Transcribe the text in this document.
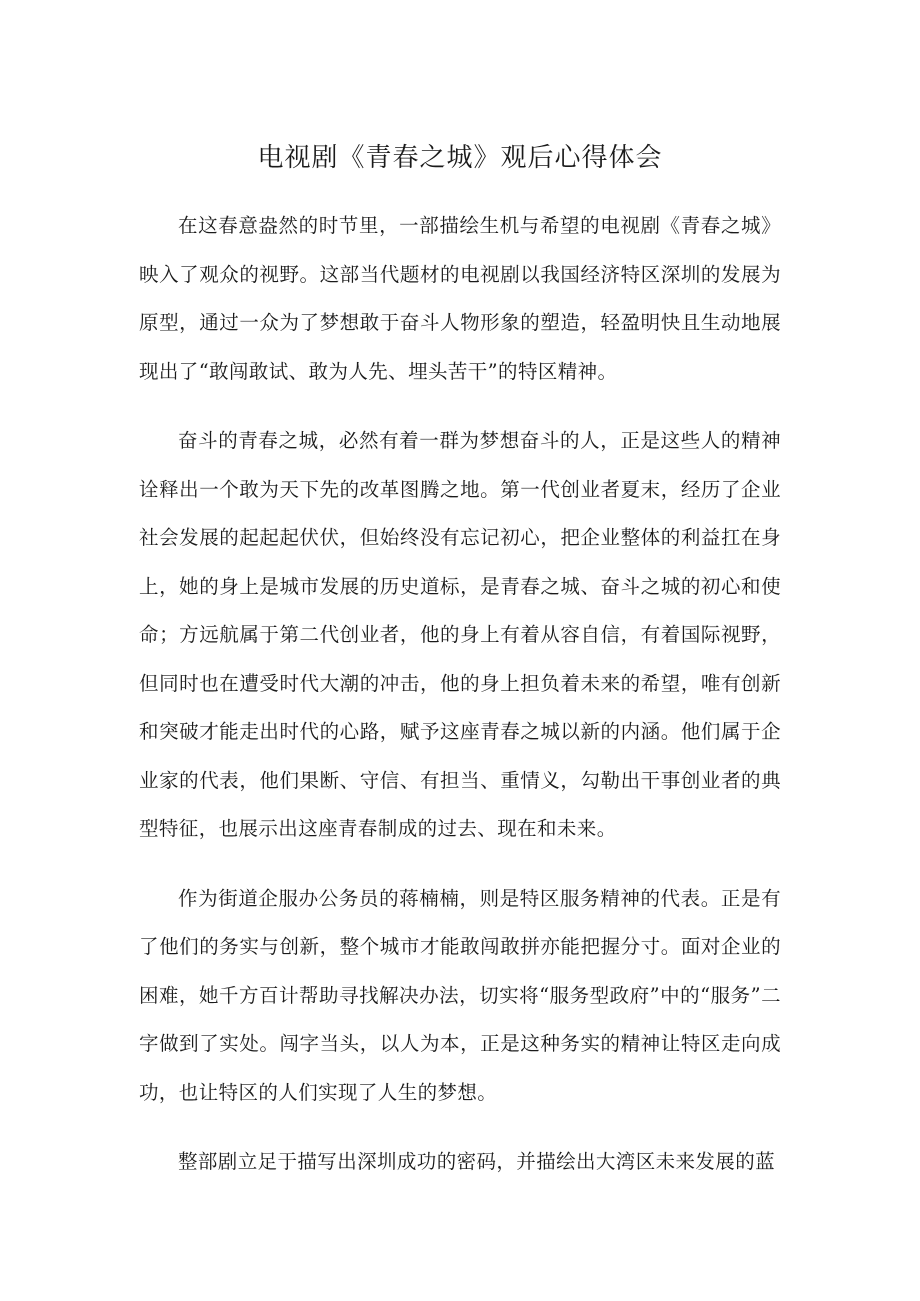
电视剧《青春之城》观后心得体会

在这春意盎然的时节里，一部描绘生机与希望的电视剧《青春之城》映入了观众的视野。这部当代题材的电视剧以我国经济特区深圳的发展为原型，通过一众为了梦想敢于奋斗人物形象的塑造，轻盈明快且生动地展现出了“敢闯敢试、敢为人先、埋头苦干”的特区精神。

奋斗的青春之城，必然有着一群为梦想奋斗的人，正是这些人的精神诠释出一个敢为天下先的改革图腾之地。第一代创业者夏末，经历了企业社会发展的起起起伏伏，但始终没有忘记初心，把企业整体的利益扛在身上，她的身上是城市发展的历史道标，是青春之城、奋斗之城的初心和使命；方远航属于第二代创业者，他的身上有着从容自信，有着国际视野，但同时也在遭受时代大潮的冲击，他的身上担负着未来的希望，唯有创新和突破才能走出时代的心路，赋予这座青春之城以新的内涵。他们属于企业家的代表，他们果断、守信、有担当、重情义，勾勒出干事创业者的典型特征，也展示出这座青春制成的过去、现在和未来。

作为街道企服办公务员的蒋楠楠，则是特区服务精神的代表。正是有了他们的务实与创新，整个城市才能敢闯敢拼亦能把握分寸。面对企业的困难，她千方百计帮助寻找解决办法，切实将“服务型政府”中的“服务”二字做到了实处。闯字当头，以人为本，正是这种务实的精神让特区走向成功，也让特区的人们实现了人生的梦想。

整部剧立足于描写出深圳成功的密码，并描绘出大湾区未来发展的蓝
